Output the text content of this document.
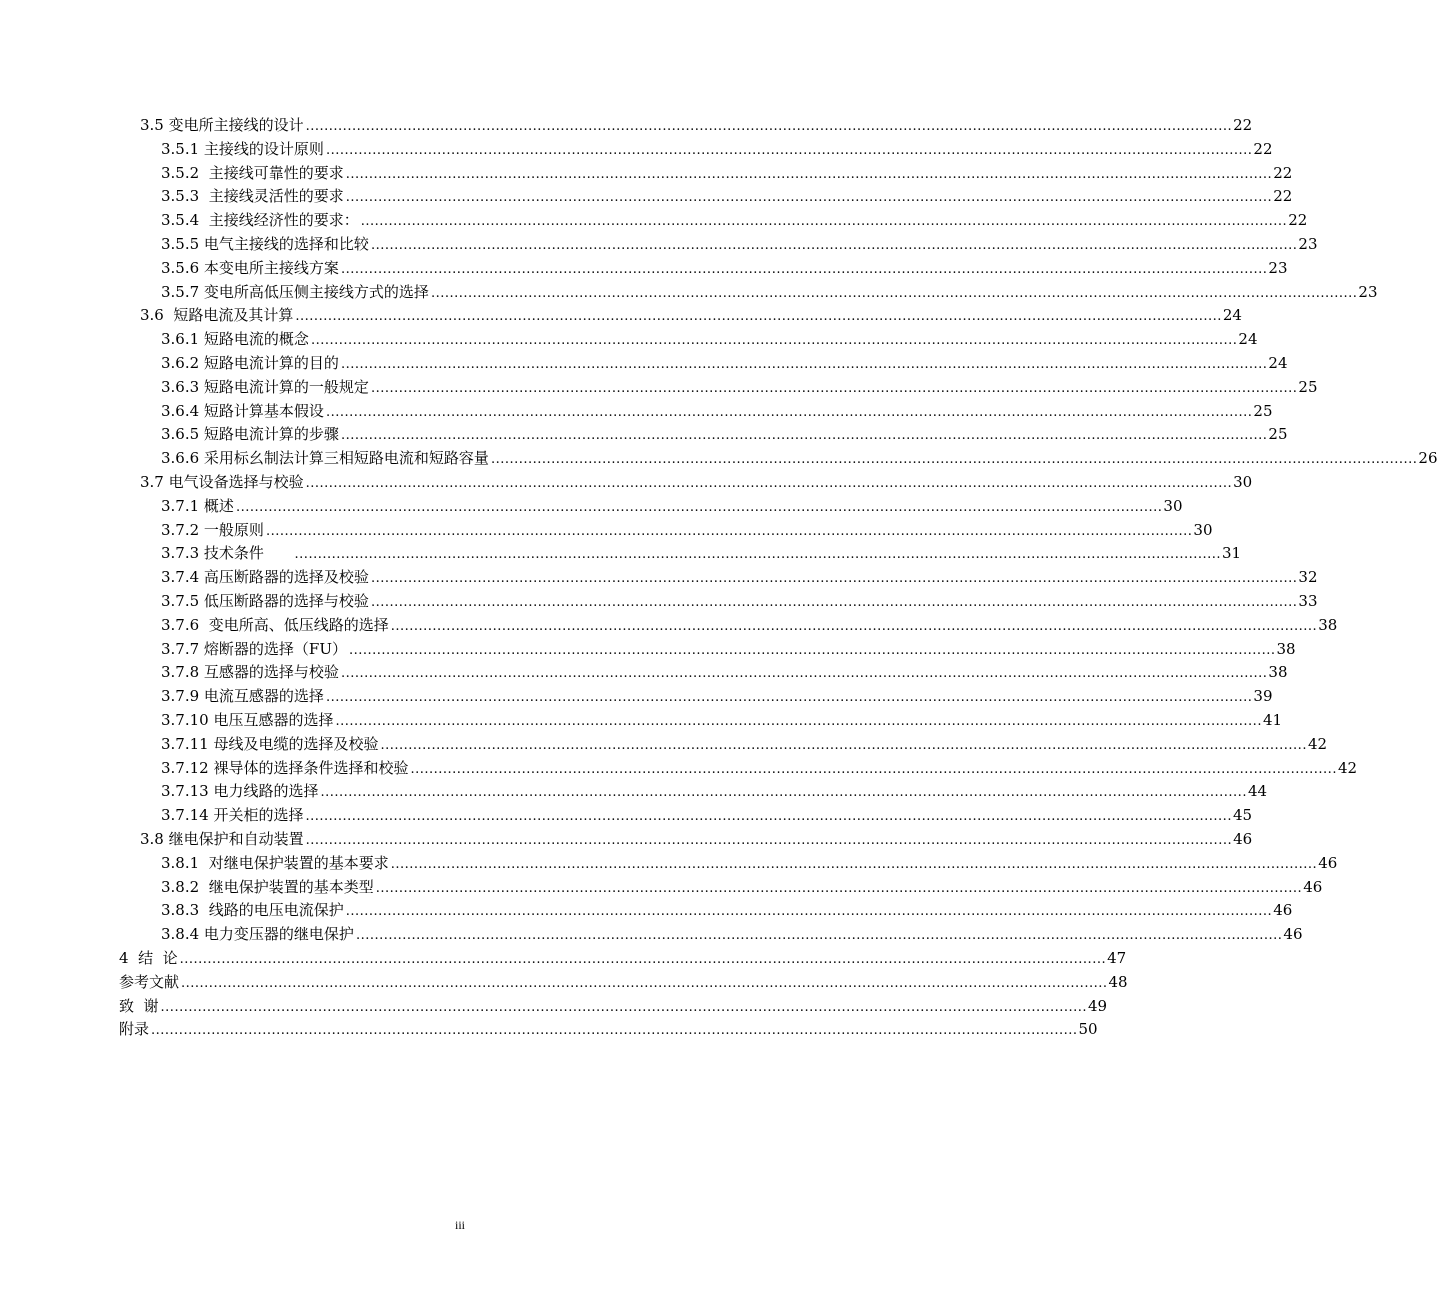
3.5 变电所主接线的设计 ........................................................................................................................................................................................................ 22
3.5.1 主接线的设计原则 ........................................................................................................................................................................................................ 22
3.5.2  主接线可靠性的要求 ........................................................................................................................................................................................................ 22
3.5.3  主接线灵活性的要求 ........................................................................................................................................................................................................ 22
3.5.4  主接线经济性的要求： ........................................................................................................................................................................................................ 22
3.5.5 电气主接线的选择和比较 ........................................................................................................................................................................................................ 23
3.5.6 本变电所主接线方案 ........................................................................................................................................................................................................ 23
3.5.7 变电所高低压侧主接线方式的选择 ........................................................................................................................................................................................................ 23
3.6  短路电流及其计算 ........................................................................................................................................................................................................ 24
3.6.1 短路电流的概念 ........................................................................................................................................................................................................ 24
3.6.2 短路电流计算的目的 ........................................................................................................................................................................................................ 24
3.6.3 短路电流计算的一般规定 ........................................................................................................................................................................................................ 25
3.6.4 短路计算基本假设 ........................................................................................................................................................................................................ 25
3.6.5 短路电流计算的步骤 ........................................................................................................................................................................................................ 25
3.6.6 采用标幺制法计算三相短路电流和短路容量 ........................................................................................................................................................................................................ 26
3.7 电气设备选择与校验 ........................................................................................................................................................................................................ 30
3.7.1 概述 ........................................................................................................................................................................................................ 30
3.7.2 一般原则 ........................................................................................................................................................................................................ 30
3.7.3 技术条件 ........................................................................................................................................................................................................ 31
3.7.4 高压断路器的选择及校验 ........................................................................................................................................................................................................ 32
3.7.5 低压断路器的选择与校验 ........................................................................................................................................................................................................ 33
3.7.6  变电所高、低压线路的选择 ........................................................................................................................................................................................................ 38
3.7.7 熔断器的选择（FU） ........................................................................................................................................................................................................ 38
3.7.8 互感器的选择与校验 ........................................................................................................................................................................................................ 38
3.7.9 电流互感器的选择 ........................................................................................................................................................................................................ 39
3.7.10 电压互感器的选择 ........................................................................................................................................................................................................ 41
3.7.11 母线及电缆的选择及校验 ........................................................................................................................................................................................................ 42
3.7.12 裸导体的选择条件选择和校验 ........................................................................................................................................................................................................ 42
3.7.13 电力线路的选择 ........................................................................................................................................................................................................ 44
3.7.14 开关柜的选择 ........................................................................................................................................................................................................ 45
3.8 继电保护和自动装置 ........................................................................................................................................................................................................ 46
3.8.1  对继电保护装置的基本要求 ........................................................................................................................................................................................................ 46
3.8.2  继电保护装置的基本类型 ........................................................................................................................................................................................................ 46
3.8.3  线路的电压电流保护 ........................................................................................................................................................................................................ 46
3.8.4 电力变压器的继电保护 ........................................................................................................................................................................................................ 46
4  结  论 ........................................................................................................................................................................................................ 47
参考文献 ........................................................................................................................................................................................................ 48
致  谢 ........................................................................................................................................................................................................ 49
附录 ........................................................................................................................................................................................................ 50
iii
